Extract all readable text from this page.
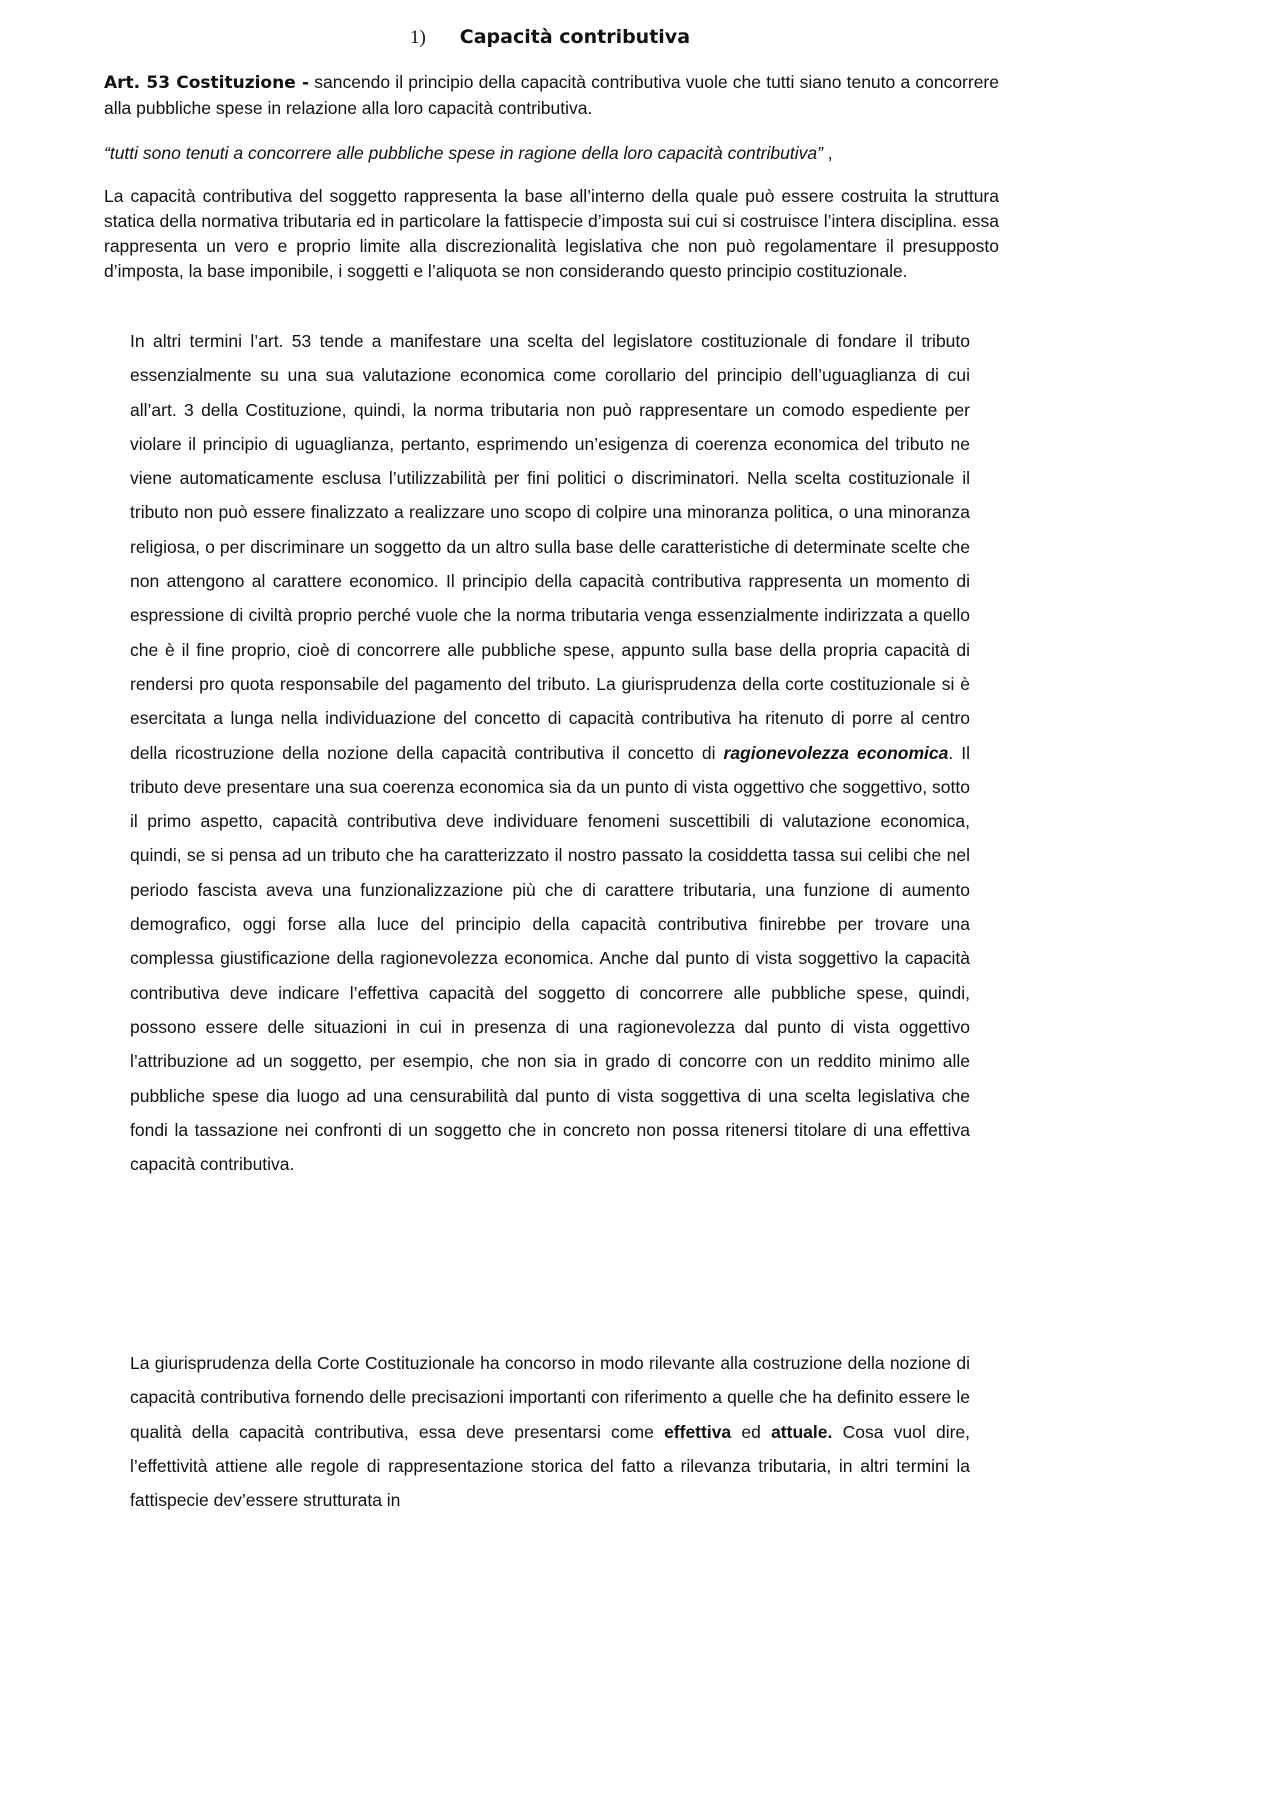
1) Capacità contributiva

Art. 53 Costituzione - sancendo il principio della capacità contributiva vuole che tutti siano tenuto a concorrere alla pubbliche spese in relazione alla loro capacità contributiva.

“tutti sono tenuti a concorrere alle pubbliche spese in ragione della loro capacità contributiva” ,

La capacità contributiva del soggetto rappresenta la base all’interno della quale può essere costruita la struttura statica della normativa tributaria ed in particolare la fattispecie d’imposta sui cui si costruisce l’intera disciplina. essa rappresenta un vero e proprio limite alla discrezionalità legislativa che non può regolamentare il presupposto d’imposta, la base imponibile, i soggetti e l’aliquota se non considerando questo principio costituzionale.

In altri termini l’art. 53 tende a manifestare una scelta del legislatore costituzionale di fondare il tributo essenzialmente su una sua valutazione economica come corollario del principio dell’uguaglianza di cui all’art. 3 della Costituzione, quindi, la norma tributaria non può rappresentare un comodo espediente per violare il principio di uguaglianza, pertanto, esprimendo un’esigenza di coerenza economica del tributo ne viene automaticamente esclusa l’utilizzabilità per fini politici o discriminatori. Nella scelta costituzionale il tributo non può essere finalizzato a realizzare uno scopo di colpire una minoranza politica, o una minoranza religiosa, o per discriminare un soggetto da un altro sulla base delle caratteristiche di determinate scelte che non attengono al carattere economico. Il principio della capacità contributiva rappresenta un momento di espressione di civiltà proprio perché vuole che la norma tributaria venga essenzialmente indirizzata a quello che è il fine proprio, cioè di concorrere alle pubbliche spese, appunto sulla base della propria capacità di rendersi pro quota responsabile del pagamento del tributo. La giurisprudenza della corte costituzionale si è esercitata a lunga nella individuazione del concetto di capacità contributiva ha ritenuto di porre al centro della ricostruzione della nozione della capacità contributiva il concetto di ragionevolezza economica. Il tributo deve presentare una sua coerenza economica sia da un punto di vista oggettivo che soggettivo, sotto il primo aspetto, capacità contributiva deve individuare fenomeni suscettibili di valutazione economica, quindi, se si pensa ad un tributo che ha caratterizzato il nostro passato la cosiddetta tassa sui celibi che nel periodo fascista aveva una funzionalizzazione più che di carattere tributaria, una funzione di aumento demografico, oggi forse alla luce del principio della capacità contributiva finirebbe per trovare una complessa giustificazione della ragionevolezza economica. Anche dal punto di vista soggettivo la capacità contributiva deve indicare l’effettiva capacità del soggetto di concorrere alle pubbliche spese, quindi, possono essere delle situazioni in cui in presenza di una ragionevolezza dal punto di vista oggettivo l’attribuzione ad un soggetto, per esempio, che non sia in grado di concorre con un reddito minimo alle pubbliche spese dia luogo ad una censurabilità dal punto di vista soggettiva di una scelta legislativa che fondi la tassazione nei confronti di un soggetto che in concreto non possa ritenersi titolare di una effettiva capacità contributiva.

La giurisprudenza della Corte Costituzionale ha concorso in modo rilevante alla costruzione della nozione di capacità contributiva fornendo delle precisazioni importanti con riferimento a quelle che ha definito essere le qualità della capacità contributiva, essa deve presentarsi come effettiva ed attuale. Cosa vuol dire, l’effettività attiene alle regole di rappresentazione storica del fatto a rilevanza tributaria, in altri termini la fattispecie dev’essere strutturata in
